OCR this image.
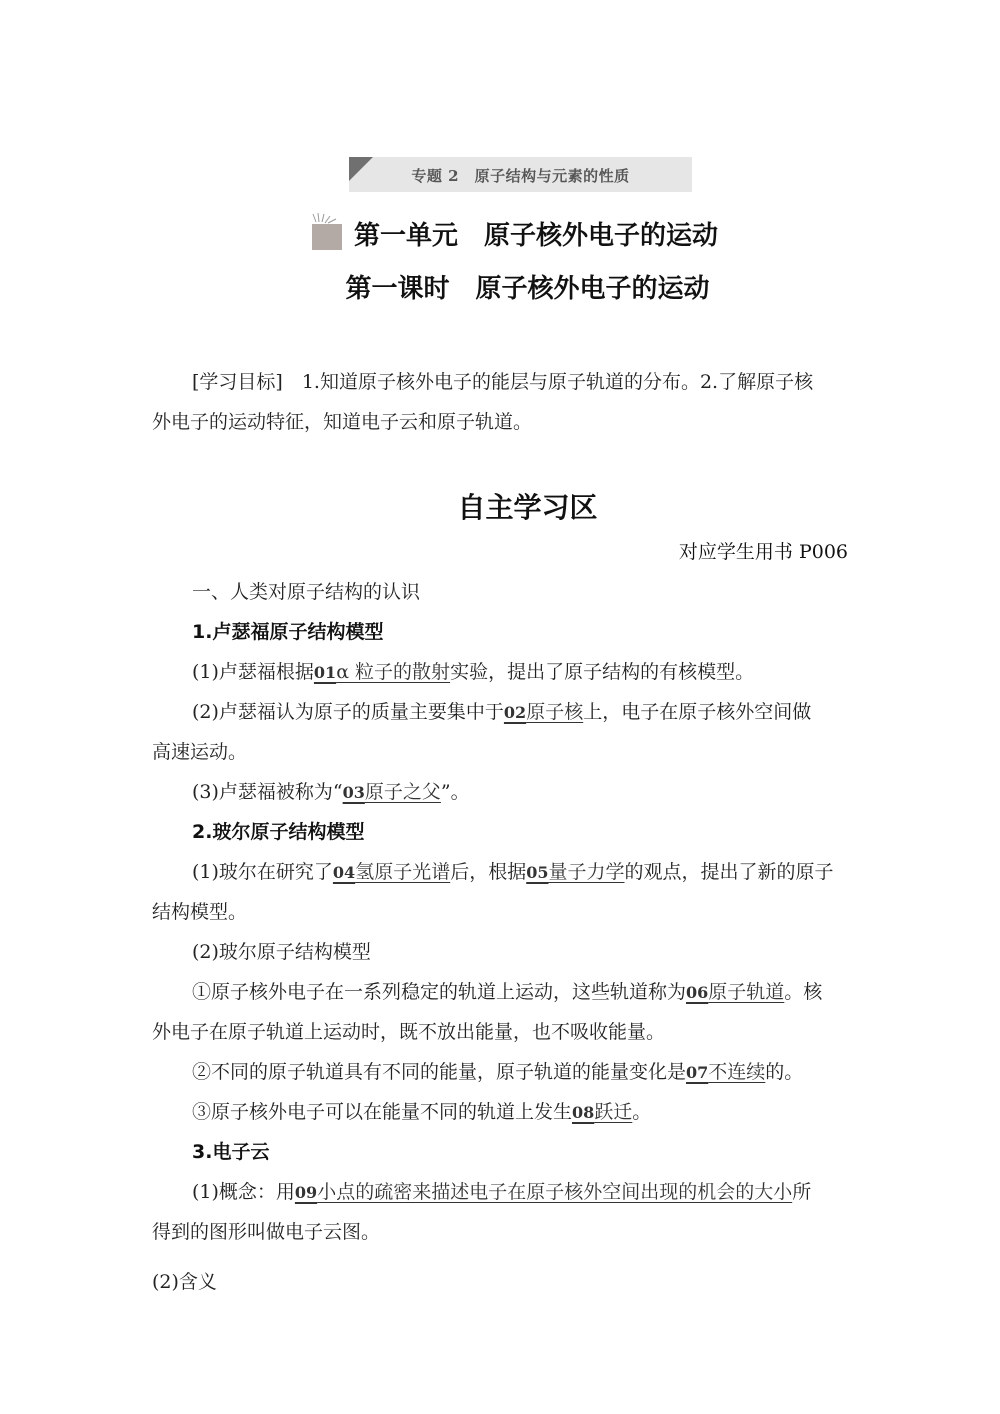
专题 2　原子结构与元素的性质
第一单元　原子核外电子的运动
第一课时　原子核外电子的运动
[学习目标]　1.知道原子核外电子的能层与原子轨道的分布。2.了解原子核
外电子的运动特征，知道电子云和原子轨道。
自主学习区
对应学生用书 P006
一、人类对原子结构的认识
1.卢瑟福原子结构模型
(1)卢瑟福根据01α 粒子的散射实验，提出了原子结构的有核模型。
(2)卢瑟福认为原子的质量主要集中于02原子核上，电子在原子核外空间做
高速运动。
(3)卢瑟福被称为“03原子之父”。
2.玻尔原子结构模型
(1)玻尔在研究了04氢原子光谱后，根据05量子力学的观点，提出了新的原子
结构模型。
(2)玻尔原子结构模型
①原子核外电子在一系列稳定的轨道上运动，这些轨道称为06原子轨道。核
外电子在原子轨道上运动时，既不放出能量，也不吸收能量。
②不同的原子轨道具有不同的能量，原子轨道的能量变化是07不连续的。
③原子核外电子可以在能量不同的轨道上发生08跃迁。
3.电子云
(1)概念：用09小点的疏密来描述电子在原子核外空间出现的机会的大小所
得到的图形叫做电子云图。
(2)含义
